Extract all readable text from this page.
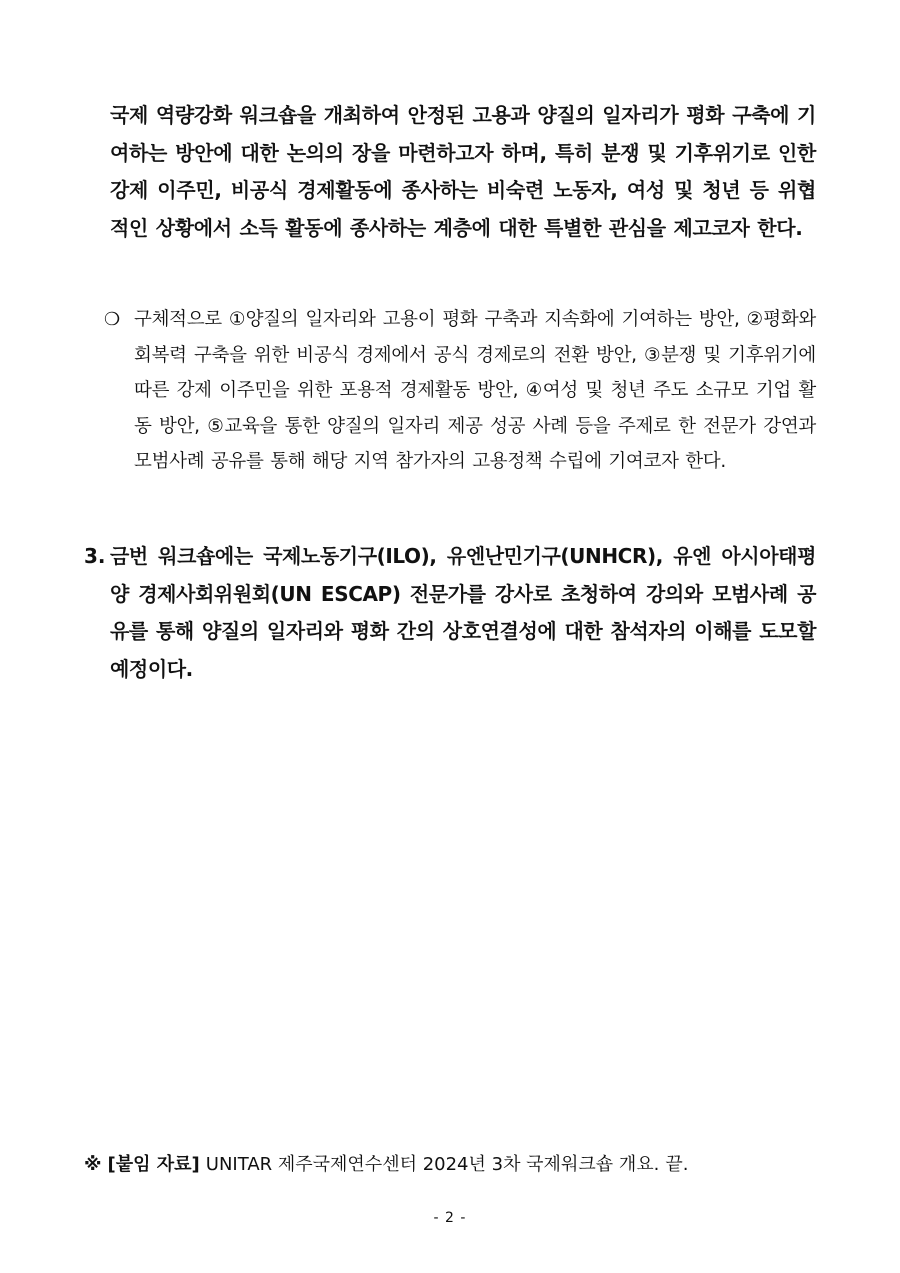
국제 역량강화 워크숍을 개최하여 안정된 고용과 양질의 일자리가 평화 구축에 기여하는 방안에 대한 논의의 장을 마련하고자 하며, 특히 분쟁 및 기후위기로 인한 강제 이주민, 비공식 경제활동에 종사하는 비숙련 노동자, 여성 및 청년 등 위협적인 상황에서 소득 활동에 종사하는 계층에 대한 특별한 관심을 제고코자 한다.
❍ 구체적으로 ①양질의 일자리와 고용이 평화 구축과 지속화에 기여하는 방안, ②평화와 회복력 구축을 위한 비공식 경제에서 공식 경제로의 전환 방안, ③분쟁 및 기후위기에 따른 강제 이주민을 위한 포용적 경제활동 방안, ④여성 및 청년 주도 소규모 기업 활동 방안, ⑤교육을 통한 양질의 일자리 제공 성공 사례 등을 주제로 한 전문가 강연과 모범사례 공유를 통해 해당 지역 참가자의 고용정책 수립에 기여코자 한다.
3. 금번 워크숍에는 국제노동기구(ILO), 유엔난민기구(UNHCR), 유엔 아시아태평양 경제사회위원회(UN ESCAP) 전문가를 강사로 초청하여 강의와 모범사례 공유를 통해 양질의 일자리와 평화 간의 상호연결성에 대한 참석자의 이해를 도모할 예정이다.
※ [붙임 자료] UNITAR 제주국제연수센터 2024년 3차 국제워크숍 개요. 끝.
- 2 -
